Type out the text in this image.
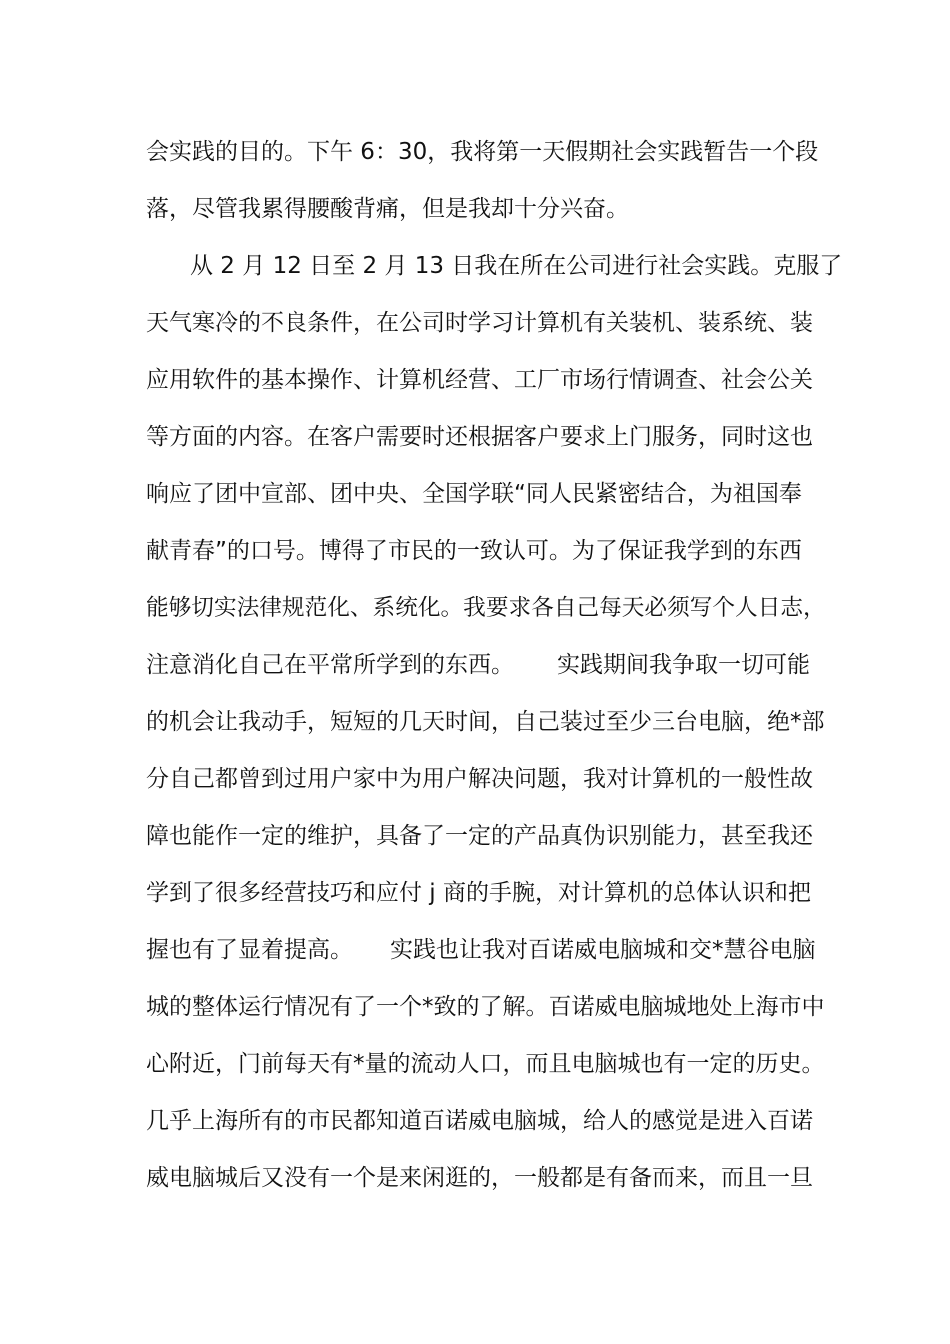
会实践的目的。下午 6：30，我将第一天假期社会实践暂告一个段
落，尽管我累得腰酸背痛，但是我却十分兴奋。
从 2 月 12 日至 2 月 13 日我在所在公司进行社会实践。克服了
天气寒冷的不良条件，在公司时学习计算机有关装机、装系统、装
应用软件的基本操作、计算机经营、工厂市场行情调查、社会公关
等方面的内容。在客户需要时还根据客户要求上门服务，同时这也
响应了团中宣部、团中央、全国学联“同人民紧密结合，为祖国奉
献青春”的口号。博得了市民的一致认可。为了保证我学到的东西
能够切实法律规范化、系统化。我要求各自己每天必须写个人日志，
注意消化自己在平常所学到的东西。	实践期间我争取一切可能
的机会让我动手，短短的几天时间，自己装过至少三台电脑，绝*部
分自己都曾到过用户家中为用户解决问题，我对计算机的一般性故
障也能作一定的维护，具备了一定的产品真伪识别能力，甚至我还
学到了很多经营技巧和应付 j 商的手腕，对计算机的总体认识和把
握也有了显着提高。	实践也让我对百诺威电脑城和交*慧谷电脑
城的整体运行情况有了一个*致的了解。百诺威电脑城地处上海市中
心附近，门前每天有*量的流动人口，而且电脑城也有一定的历史。
几乎上海所有的市民都知道百诺威电脑城，给人的感觉是进入百诺
威电脑城后又没有一个是来闲逛的，一般都是有备而来，而且一旦
